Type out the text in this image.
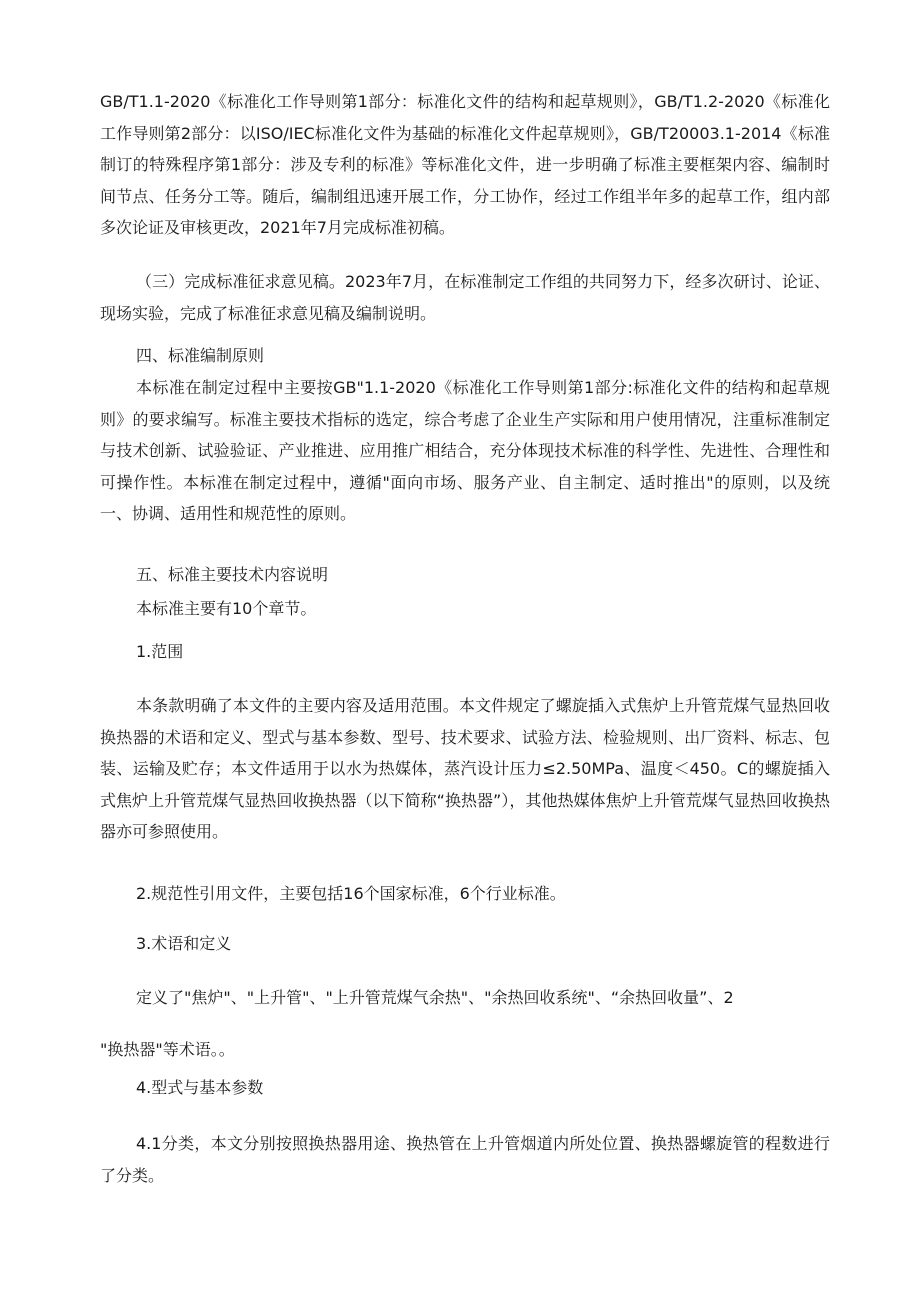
GB/T1.1-2020《标准化工作导则第1部分：标准化文件的结构和起草规则》，GB/T1.2-2020《标准化工作导则第2部分：以ISO/IEC标准化文件为基础的标准化文件起草规则》，GB/T20003.1-2014《标准制订的特殊程序第1部分：涉及专利的标准》等标准化文件，进一步明确了标准主要框架内容、编制时间节点、任务分工等。随后，编制组迅速开展工作，分工协作，经过工作组半年多的起草工作，组内部多次论证及审核更改，2021年7月完成标准初稿。

（三）完成标准征求意见稿。2023年7月，在标准制定工作组的共同努力下，经多次研讨、论证、现场实验，完成了标准征求意见稿及编制说明。

四、标准编制原则

本标准在制定过程中主要按GB"1.1-2020《标准化工作导则第1部分:标准化文件的结构和起草规则》的要求编写。标准主要技术指标的选定，综合考虑了企业生产实际和用户使用情况，注重标准制定与技术创新、试验验证、产业推进、应用推广相结合，充分体现技术标准的科学性、先进性、合理性和可操作性。本标准在制定过程中，遵循"面向市场、服务产业、自主制定、适时推出"的原则，以及统一、协调、适用性和规范性的原则。

五、标准主要技术内容说明

本标准主要有10个章节。

1.范围

本条款明确了本文件的主要内容及适用范围。本文件规定了螺旋插入式焦炉上升管荒煤气显热回收换热器的术语和定义、型式与基本参数、型号、技术要求、试验方法、检验规则、出厂资料、标志、包装、运输及贮存；本文件适用于以水为热媒体，蒸汽设计压力≤2.50MPa、温度＜450。C的螺旋插入式焦炉上升管荒煤气显热回收换热器（以下简称“换热器”），其他热媒体焦炉上升管荒煤气显热回收换热器亦可参照使用。

2.规范性引用文件，主要包括16个国家标准，6个行业标准。

3.术语和定义

定义了"焦炉"、"上升管"、"上升管荒煤气余热"、"余热回收系统"、“余热回收量”、2

"换热器"等术语。。

4.型式与基本参数

4.1分类，本文分别按照换热器用途、换热管在上升管烟道内所处位置、换热器螺旋管的程数进行了分类。
